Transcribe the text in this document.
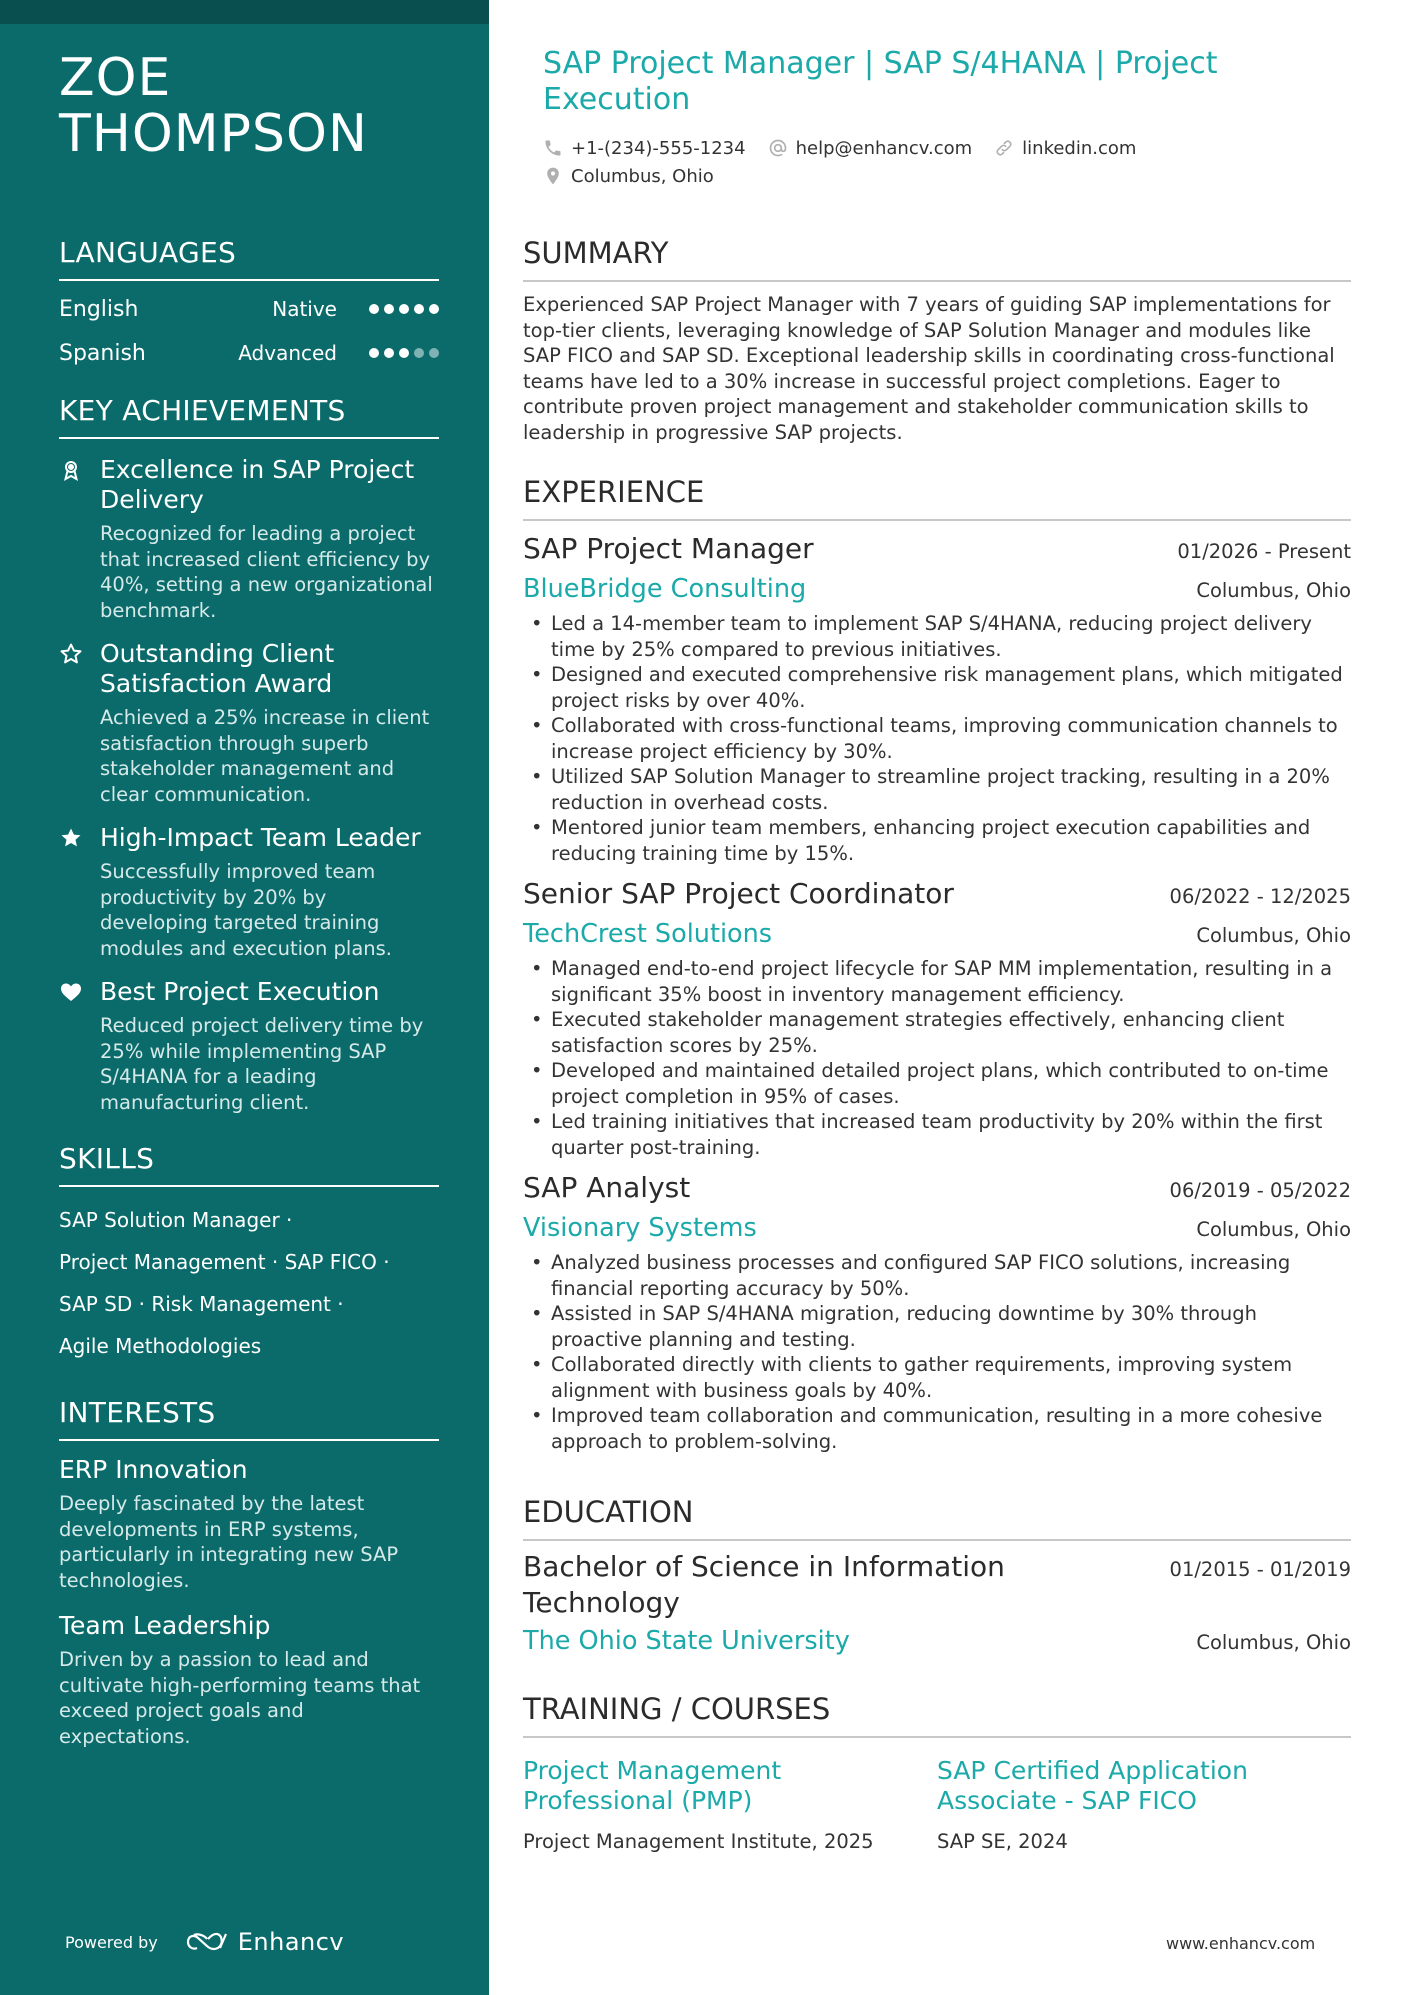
ZOE
THOMPSON
LANGUAGES
English	Native
Spanish	Advanced
KEY ACHIEVEMENTS
Excellence in SAP Project Delivery
Recognized for leading a project that increased client efficiency by 40%, setting a new organizational benchmark.
Outstanding Client Satisfaction Award
Achieved a 25% increase in client satisfaction through superb stakeholder management and clear communication.
High-Impact Team Leader
Successfully improved team productivity by 20% by developing targeted training modules and execution plans.
Best Project Execution
Reduced project delivery time by 25% while implementing SAP S/4HANA for a leading manufacturing client.
SKILLS
SAP Solution Manager ·
Project Management · SAP FICO ·
SAP SD · Risk Management ·
Agile Methodologies
INTERESTS
ERP Innovation
Deeply fascinated by the latest developments in ERP systems, particularly in integrating new SAP technologies.
Team Leadership
Driven by a passion to lead and cultivate high-performing teams that exceed project goals and expectations.
Powered by	Enhancv
SAP Project Manager | SAP S/4HANA | Project Execution
+1-(234)-555-1234	help@enhancv.com	linkedin.com
Columbus, Ohio
SUMMARY
Experienced SAP Project Manager with 7 years of guiding SAP implementations for top-tier clients, leveraging knowledge of SAP Solution Manager and modules like SAP FICO and SAP SD. Exceptional leadership skills in coordinating cross-functional teams have led to a 30% increase in successful project completions. Eager to contribute proven project management and stakeholder communication skills to leadership in progressive SAP projects.
EXPERIENCE
SAP Project Manager	01/2026 - Present
BlueBridge Consulting	Columbus, Ohio
• Led a 14-member team to implement SAP S/4HANA, reducing project delivery time by 25% compared to previous initiatives.
• Designed and executed comprehensive risk management plans, which mitigated project risks by over 40%.
• Collaborated with cross-functional teams, improving communication channels to increase project efficiency by 30%.
• Utilized SAP Solution Manager to streamline project tracking, resulting in a 20% reduction in overhead costs.
• Mentored junior team members, enhancing project execution capabilities and reducing training time by 15%.
Senior SAP Project Coordinator	06/2022 - 12/2025
TechCrest Solutions	Columbus, Ohio
• Managed end-to-end project lifecycle for SAP MM implementation, resulting in a significant 35% boost in inventory management efficiency.
• Executed stakeholder management strategies effectively, enhancing client satisfaction scores by 25%.
• Developed and maintained detailed project plans, which contributed to on-time project completion in 95% of cases.
• Led training initiatives that increased team productivity by 20% within the first quarter post-training.
SAP Analyst	06/2019 - 05/2022
Visionary Systems	Columbus, Ohio
• Analyzed business processes and configured SAP FICO solutions, increasing financial reporting accuracy by 50%.
• Assisted in SAP S/4HANA migration, reducing downtime by 30% through proactive planning and testing.
• Collaborated directly with clients to gather requirements, improving system alignment with business goals by 40%.
• Improved team collaboration and communication, resulting in a more cohesive approach to problem-solving.
EDUCATION
Bachelor of Science in Information Technology
01/2015 - 01/2019
The Ohio State University	Columbus, Ohio
TRAINING / COURSES
Project Management Professional (PMP)
Project Management Institute, 2025
SAP Certified Application Associate - SAP FICO
SAP SE, 2024
www.enhancv.com
